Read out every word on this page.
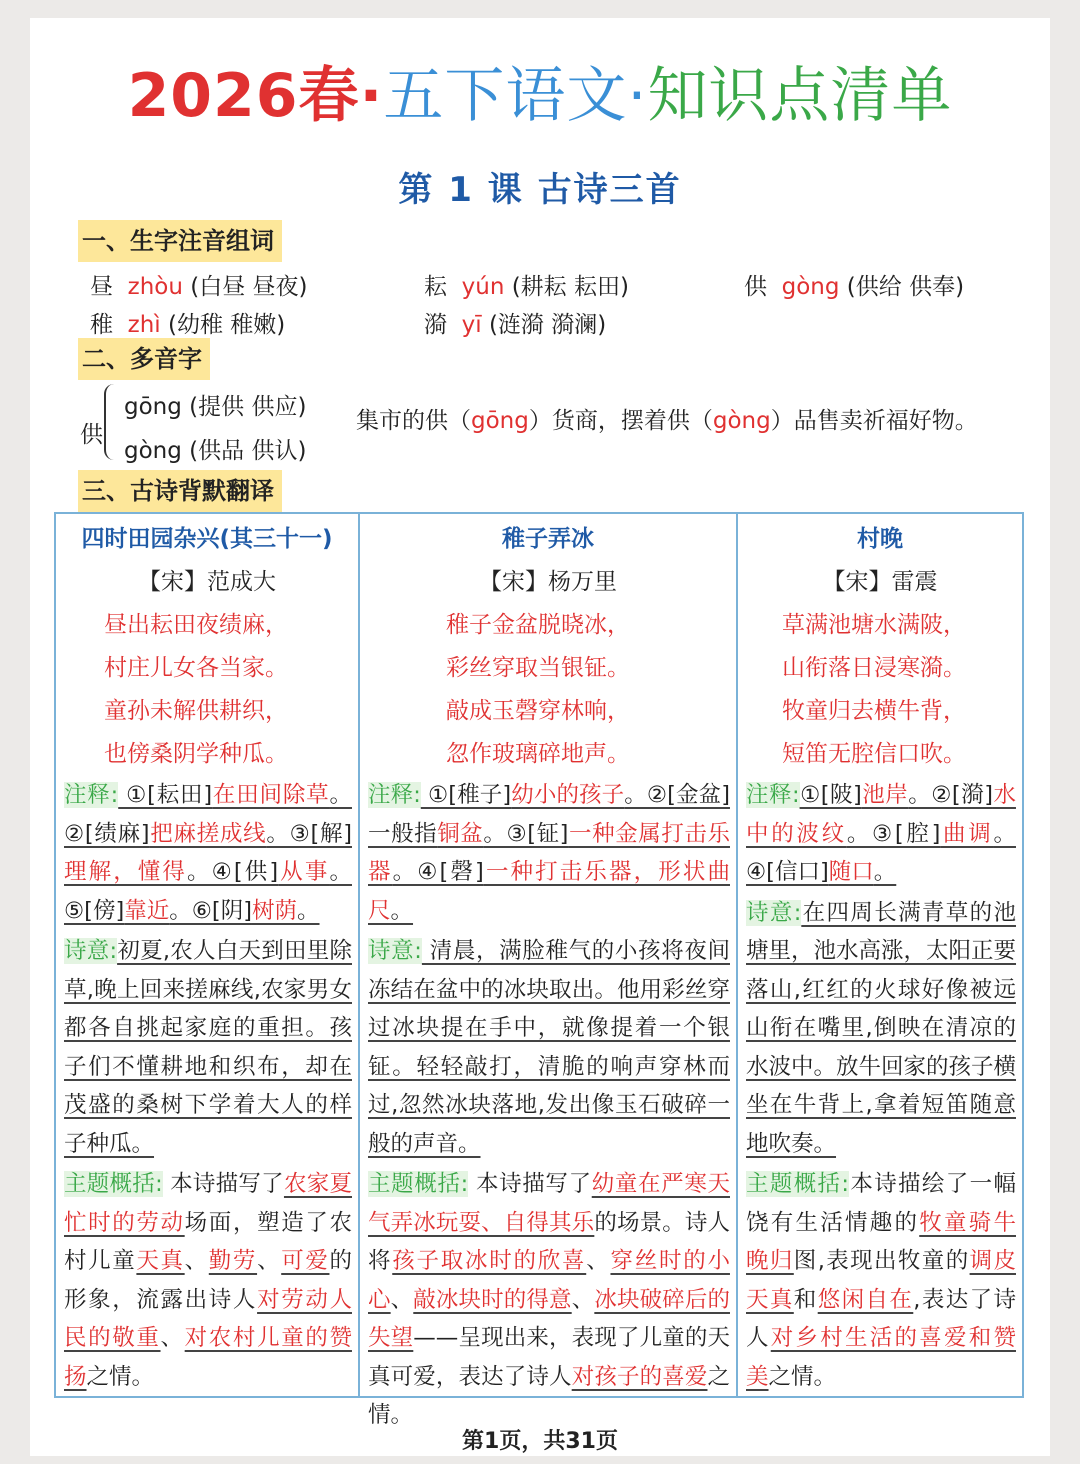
2026春·五下语文·知识点清单
第 1 课 古诗三首
一、生字注音组词
昼 zhòu (白昼 昼夜)	耘 yún (耕耘 耘田)	供 gòng (供给 供奉)
稚 zhì (幼稚 稚嫩)	漪 yī (涟漪 漪澜)
二、多音字
供
gōng (提供 供应)
gòng (供品 供认)
集市的供（gōng）货商，摆着供（gòng）品售卖祈福好物。
三、古诗背默翻译
四时田园杂兴(其三十一)
【宋】范成大
昼出耘田夜绩麻，
村庄儿女各当家。
童孙未解供耕织，
也傍桑阴学种瓜。
注释: ①[耘田]在田间除草。②[绩麻]把麻搓成线。③[解]理解，懂得。④[供]从事。⑤[傍]靠近。⑥[阴]树荫。
诗意:初夏,农人白天到田里除草,晚上回来搓麻线,农家男女都各自挑起家庭的重担。孩子们不懂耕地和织布，却在茂盛的桑树下学着大人的样子种瓜。
主题概括: 本诗描写了农家夏忙时的劳动场面，塑造了农村儿童天真、勤劳、可爱的形象，流露出诗人对劳动人民的敬重、对农村儿童的赞扬之情。
稚子弄冰
【宋】杨万里
稚子金盆脱晓冰，
彩丝穿取当银钲。
敲成玉磬穿林响，
忽作玻璃碎地声。
注释: ①[稚子]幼小的孩子。②[金盆]一般指铜盆。③[钲]一种金属打击乐器。④[磬]一种打击乐器，形状曲尺。
诗意: 清晨，满脸稚气的小孩将夜间冻结在盆中的冰块取出。他用彩丝穿过冰块提在手中，就像提着一个银钲。轻轻敲打，清脆的响声穿林而过,忽然冰块落地,发出像玉石破碎一般的声音。
主题概括: 本诗描写了幼童在严寒天气弄冰玩耍、自得其乐的场景。诗人将孩子取冰时的欣喜、穿丝时的小心、敲冰块时的得意、冰块破碎后的失望——呈现出来，表现了儿童的天真可爱，表达了诗人对孩子的喜爱之情。
村晚
【宋】雷震
草满池塘水满陂，
山衔落日浸寒漪。
牧童归去横牛背，
短笛无腔信口吹。
注释:①[陂]池岸。②[漪]水中的波纹。③[腔]曲调。④[信口]随口。
诗意:在四周长满青草的池塘里，池水高涨，太阳正要落山,红红的火球好像被远山衔在嘴里,倒映在清凉的水波中。放牛回家的孩子横坐在牛背上,拿着短笛随意地吹奏。
主题概括:本诗描绘了一幅饶有生活情趣的牧童骑牛晚归图,表现出牧童的调皮天真和悠闲自在,表达了诗人对乡村生活的喜爱和赞美之情。
第1页，共31页
